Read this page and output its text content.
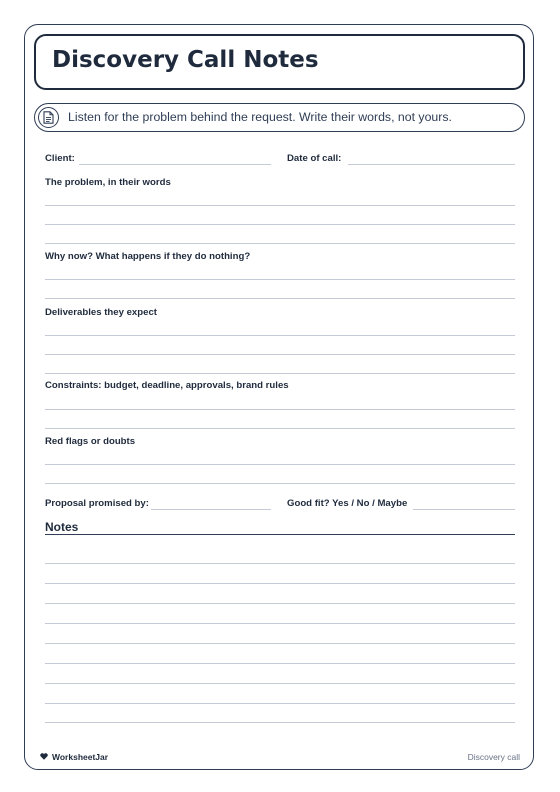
Discovery Call Notes
Listen for the problem behind the request. Write their words, not yours.
Client:	Date of call:
The problem, in their words
Why now? What happens if they do nothing?
Deliverables they expect
Constraints: budget, deadline, approvals, brand rules
Red flags or doubts
Proposal promised by:	Good fit? Yes / No / Maybe
Notes
WorksheetJar	Discovery call
